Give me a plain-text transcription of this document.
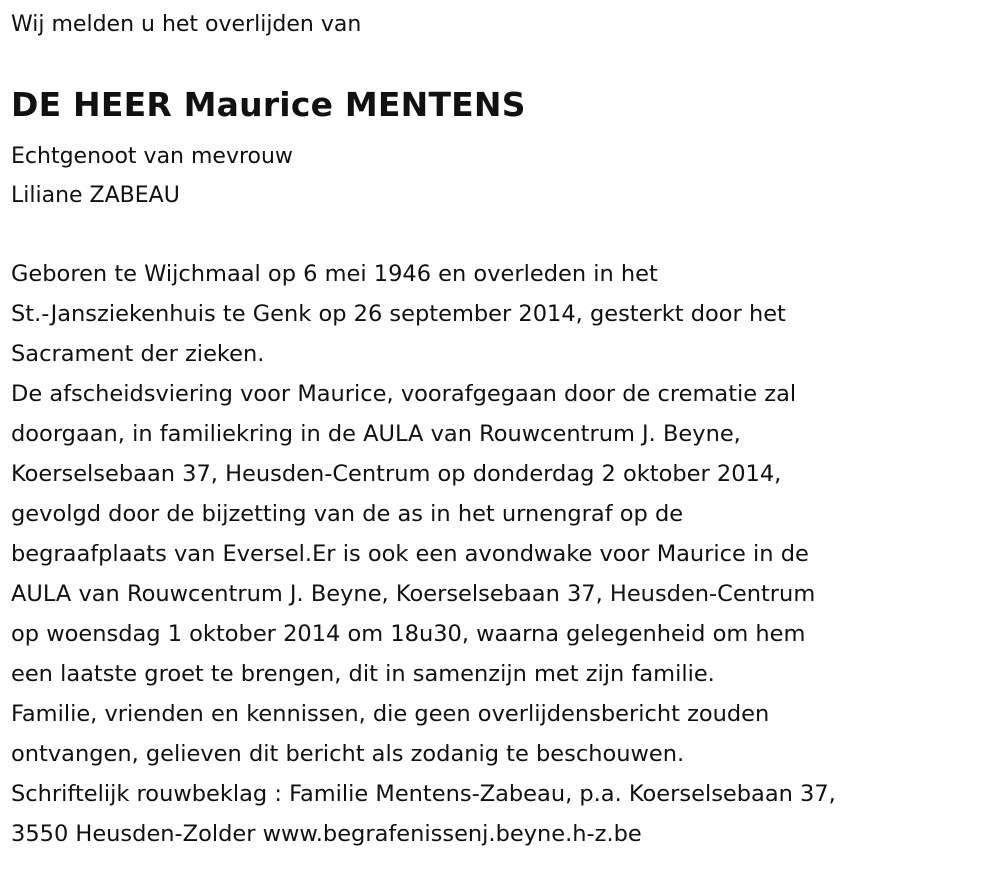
Wij melden u het overlijden van
DE HEER Maurice MENTENS
Echtgenoot van mevrouw
Liliane ZABEAU
Geboren te Wijchmaal op 6 mei 1946 en overleden in het
St.-Jansziekenhuis te Genk op 26 september 2014, gesterkt door het
Sacrament der zieken.
De afscheidsviering voor Maurice, voorafgegaan door de crematie zal
doorgaan, in familiekring in de AULA van Rouwcentrum J. Beyne,
Koerselsebaan 37, Heusden-Centrum op donderdag 2 oktober 2014,
gevolgd door de bijzetting van de as in het urnengraf op de
begraafplaats van Eversel.Er is ook een avondwake voor Maurice in de
AULA van Rouwcentrum J. Beyne, Koerselsebaan 37, Heusden-Centrum
op woensdag 1 oktober 2014 om 18u30, waarna gelegenheid om hem
een laatste groet te brengen, dit in samenzijn met zijn familie.
Familie, vrienden en kennissen, die geen overlijdensbericht zouden
ontvangen, gelieven dit bericht als zodanig te beschouwen.
Schriftelijk rouwbeklag : Familie Mentens-Zabeau, p.a. Koerselsebaan 37,
3550 Heusden-Zolder www.begrafenissenj.beyne.h-z.be
